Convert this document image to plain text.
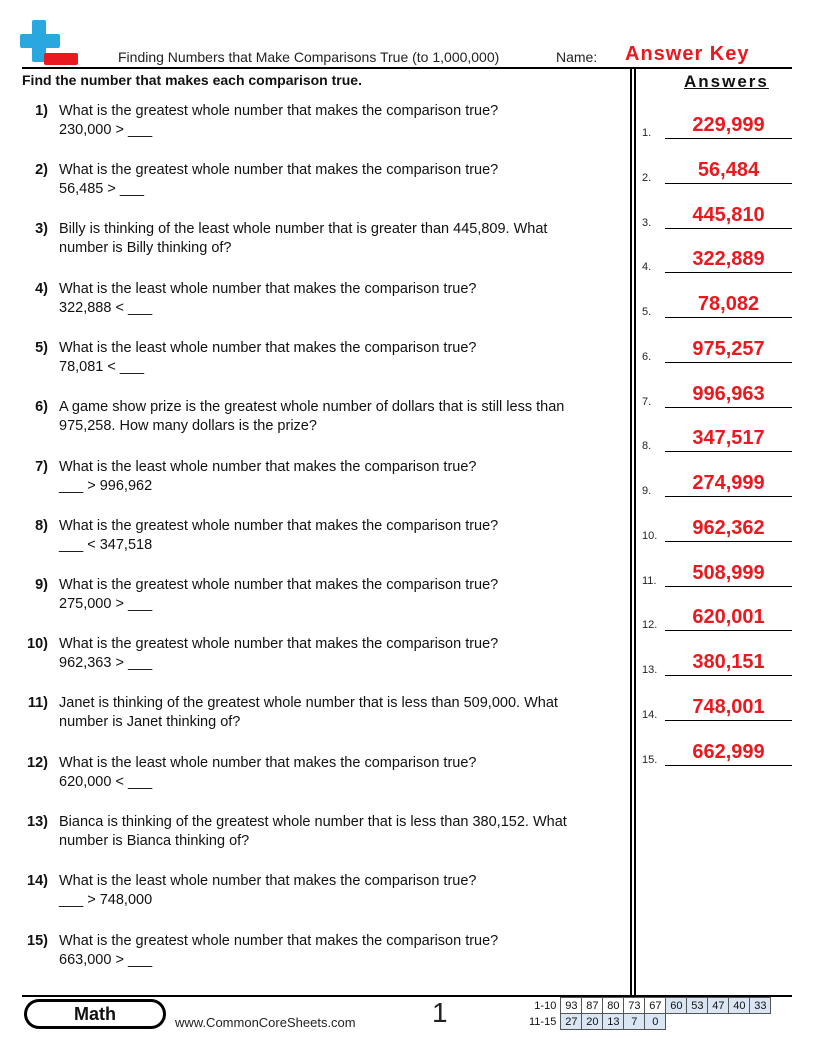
Finding Numbers that Make Comparisons True (to 1,000,000)	Name: Answer Key
Find the number that makes each comparison true.	Answers
1) What is the greatest whole number that makes the comparison true?
230,000 > ___
2) What is the greatest whole number that makes the comparison true?
56,485 > ___
3) Billy is thinking of the least whole number that is greater than 445,809. What
number is Billy thinking of?
4) What is the least whole number that makes the comparison true?
322,888 < ___
5) What is the least whole number that makes the comparison true?
78,081 < ___
6) A game show prize is the greatest whole number of dollars that is still less than
975,258. How many dollars is the prize?
7) What is the least whole number that makes the comparison true?
___ > 996,962
8) What is the greatest whole number that makes the comparison true?
___ < 347,518
9) What is the greatest whole number that makes the comparison true?
275,000 > ___
10) What is the greatest whole number that makes the comparison true?
962,363 > ___
11) Janet is thinking of the greatest whole number that is less than 509,000. What
number is Janet thinking of?
12) What is the least whole number that makes the comparison true?
620,000 < ___
13) Bianca is thinking of the greatest whole number that is less than 380,152. What
number is Bianca thinking of?
14) What is the least whole number that makes the comparison true?
___ > 748,000
15) What is the greatest whole number that makes the comparison true?
663,000 > ___
1.	229,999
2.	56,484
3.	445,810
4.	322,889
5.	78,082
6.	975,257
7.	996,963
8.	347,517
9.	274,999
10.	962,362
11.	508,999
12.	620,001
13.	380,151
14.	748,001
15.	662,999
Math	www.CommonCoreSheets.com	1	1-10	93	87	80	73	67	60	53	47	40	33
11-15	27	20	13	7	0					
